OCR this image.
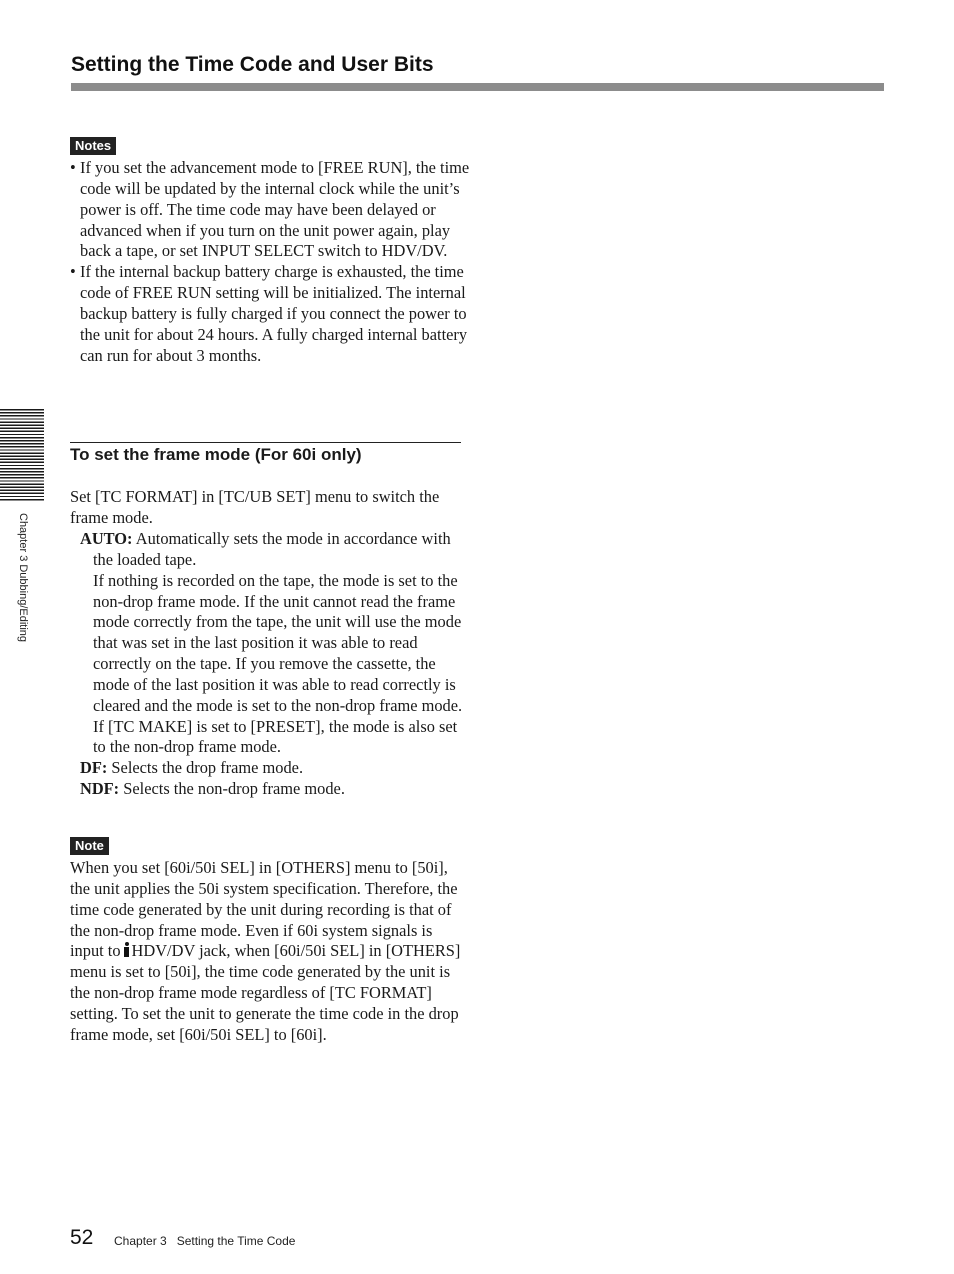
Setting the Time Code and User Bits
Notes
• If you set the advancement mode to [FREE RUN], the time code will be updated by the internal clock while the unit’s power is off. The time code may have been delayed or advanced when if you turn on the unit power again, play back a tape, or set INPUT SELECT switch to HDV/DV.
• If the internal backup battery charge is exhausted, the time code of FREE RUN setting will be initialized. The internal backup battery is fully charged if you connect the power to the unit for about 24 hours. A fully charged internal battery can run for about 3 months.
To set the frame mode (For 60i only)

Set [TC FORMAT] in [TC/UB SET] menu to switch the frame mode.

AUTO: Automatically sets the mode in accordance with the loaded tape.

If nothing is recorded on the tape, the mode is set to the non-drop frame mode. If the unit cannot read the frame mode correctly from the tape, the unit will use the mode that was set in the last position it was able to read correctly on the tape. If you remove the cassette, the mode of the last position it was able to read correctly is cleared and the mode is set to the non-drop frame mode. If [TC MAKE] is set to [PRESET], the mode is also set to the non-drop frame mode.

DF: Selects the drop frame mode.

NDF: Selects the non-drop frame mode.

Note

When you set [60i/50i SEL] in [OTHERS] menu to [50i], the unit applies the 50i system specification. Therefore, the time code generated by the unit during recording is that of the non-drop frame mode. Even if 60i system signals is input to HDV/DV jack, when [60i/50i SEL] in [OTHERS] menu is set to [50i], the time code generated by the unit is the non-drop frame mode regardless of [TC FORMAT] setting. To set the unit to generate the time code in the drop frame mode, set [60i/50i SEL] to [60i].

Chapter 3 Dubbing/Editing
52 Chapter 3   Setting the Time Code
